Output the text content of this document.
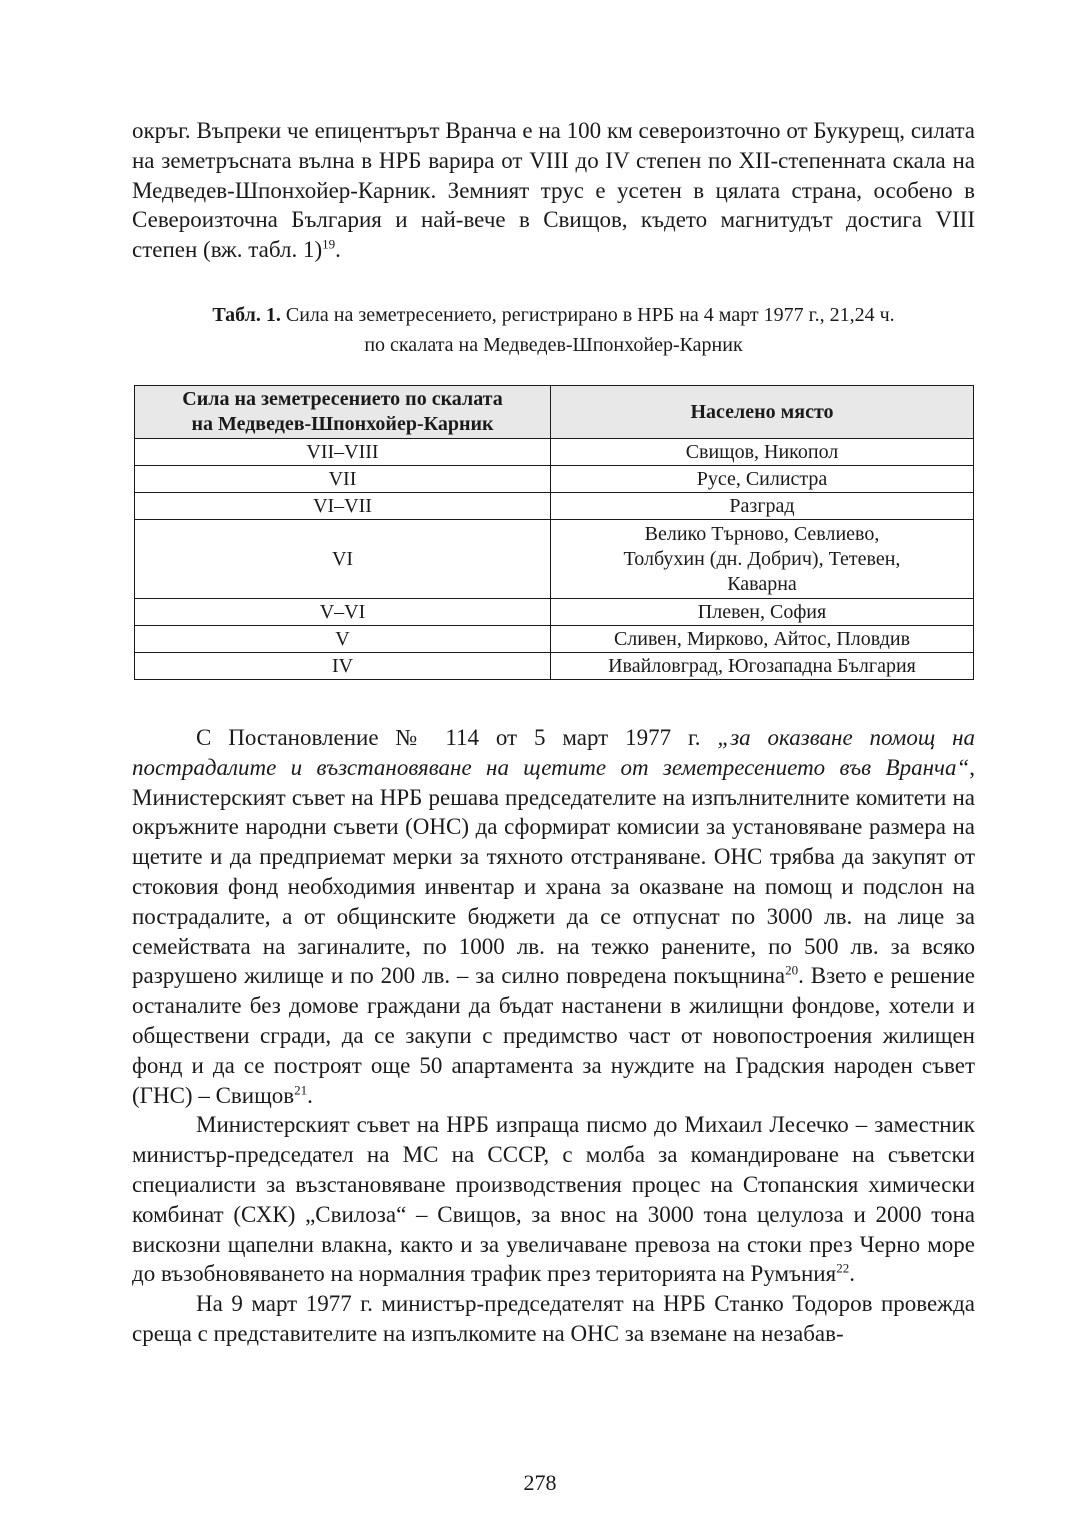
окръг. Въпреки че епицентърът Вранча е на 100 км североизточно от Букурещ, силата на земетръсната вълна в НРБ варира от VIII до IV степен по XII-степенната скала на Медведев-Шпонхойер-Карник. Земният трус е усетен в цялата страна, особено в Североизточна България и най-вече в Свищов, където магнитудът достига VIII степен (вж. табл. 1)$^{19}$.

Табл. 1. Сила на земетресението, регистрирано в НРБ на 4 март 1977 г., 21,24 ч.
по скалата на Медведев-Шпонхойер-Карник
Сила на земетресението по скалата
на Медведев-Шпонхойер-Карник	Населено място
VII–VIII	Свищов, Никопол
VII	Русе, Силистра
VI–VII	Разград
VI	Велико Търново, Севлиево,
Толбухин (дн. Добрич), Тетевен,
Каварна

V–VI	Плевен, София
V	Сливен, Мирково, Айтос, Пловдив
IV	Ивайловград, Югозападна България
С Постановление № 114 от 5 март 1977 г. „за оказване помощ на пострадалите и възстановяване на щетите от земетресението във Вранча“, Министерският съвет на НРБ решава председателите на изпълнителните комитети на окръжните народни съвети (ОНС) да сформират комисии за установяване размера на щетите и да предприемат мерки за тяхното отстраняване. ОНС трябва да закупят от стоковия фонд необходимия инвентар и храна за оказване на помощ и подслон на пострадалите, а от общинските бюджети да се отпуснат по 3000 лв. на лице за семействата на загиналите, по 1000 лв. на тежко ранените, по 500 лв. за всяко разрушено жилище и по 200 лв. – за силно повредена покъщнина$^{20}$. Взето е решение останалите без домове граждани да бъдат настанени в жилищни фондове, хотели и обществени сгради, да се закупи с предимство част от новопостроения жилищен фонд и да се построят още 50 апартамента за нуждите на Градския народен съвет (ГНС) – Свищов$^{21}$.
Министерският съвет на НРБ изпраща писмо до Михаил Лесечко – заместник министър-председател на МС на СССР, с молба за командироване на съветски специалисти за възстановяване производствения процес на Стопанския химически комбинат (СХК) „Свилоза“ – Свищов, за внос на 3000 тона целулоза и 2000 тона вискозни щапелни влакна, както и за увеличаване превоза на стоки през Черно море до възобновяването на нормалния трафик през територията на Румъния$^{22}$.
На 9 март 1977 г. министър-председателят на НРБ Станко Тодоров провежда среща с представителите на изпълкомите на ОНС за вземане на незабав-
278
